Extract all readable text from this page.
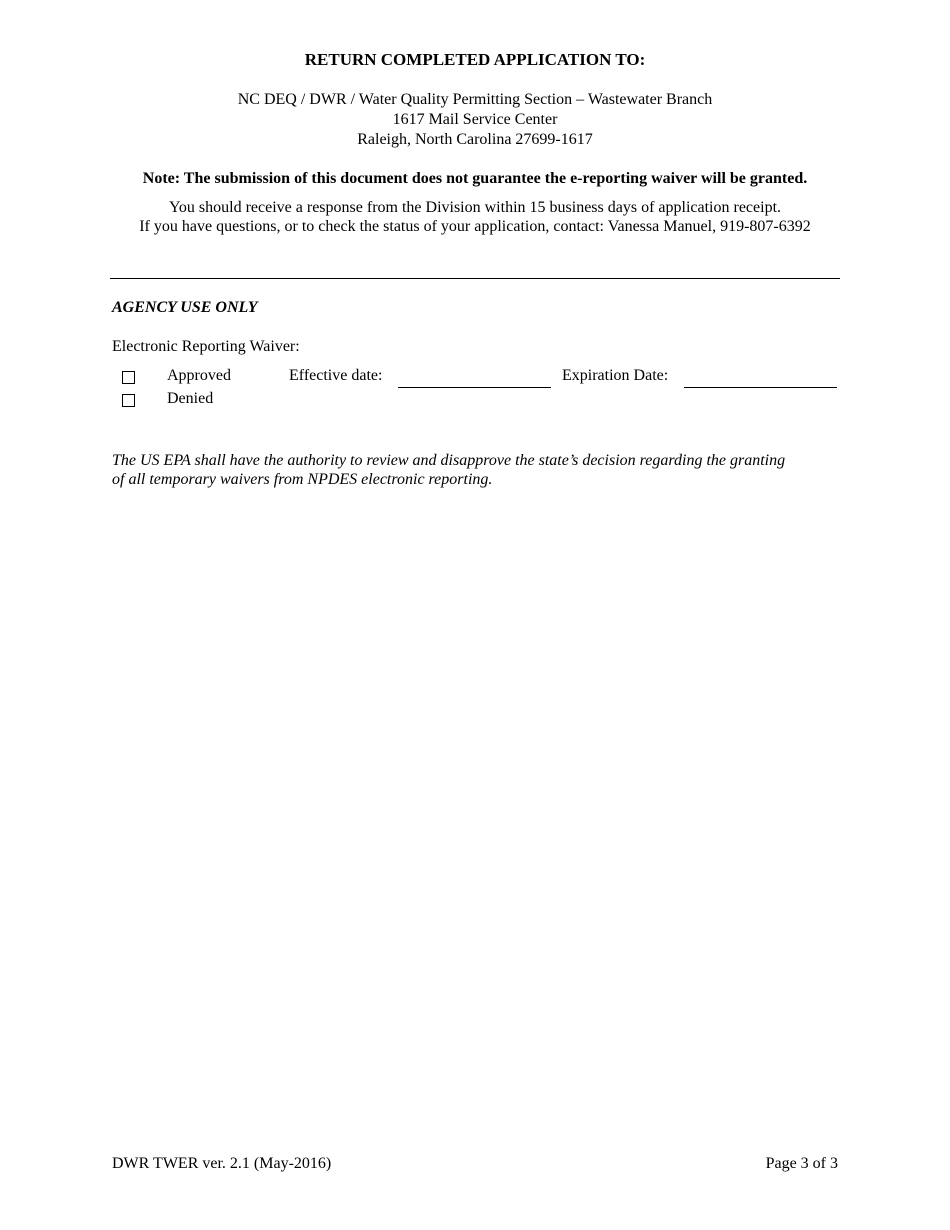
RETURN COMPLETED APPLICATION TO:
NC DEQ / DWR / Water Quality Permitting Section – Wastewater Branch
1617 Mail Service Center
Raleigh, North Carolina 27699-1617
Note: The submission of this document does not guarantee the e-reporting waiver will be granted.
You should receive a response from the Division within 15 business days of application receipt.
If you have questions, or to check the status of your application, contact: Vanessa Manuel, 919-807-6392
AGENCY USE ONLY
Electronic Reporting Waiver:
Approved	Effective date:	Expiration Date:
Denied
The US EPA shall have the authority to review and disapprove the state’s decision regarding the granting
of all temporary waivers from NPDES electronic reporting.
DWR TWER ver. 2.1 (May-2016)	Page 3 of 3
